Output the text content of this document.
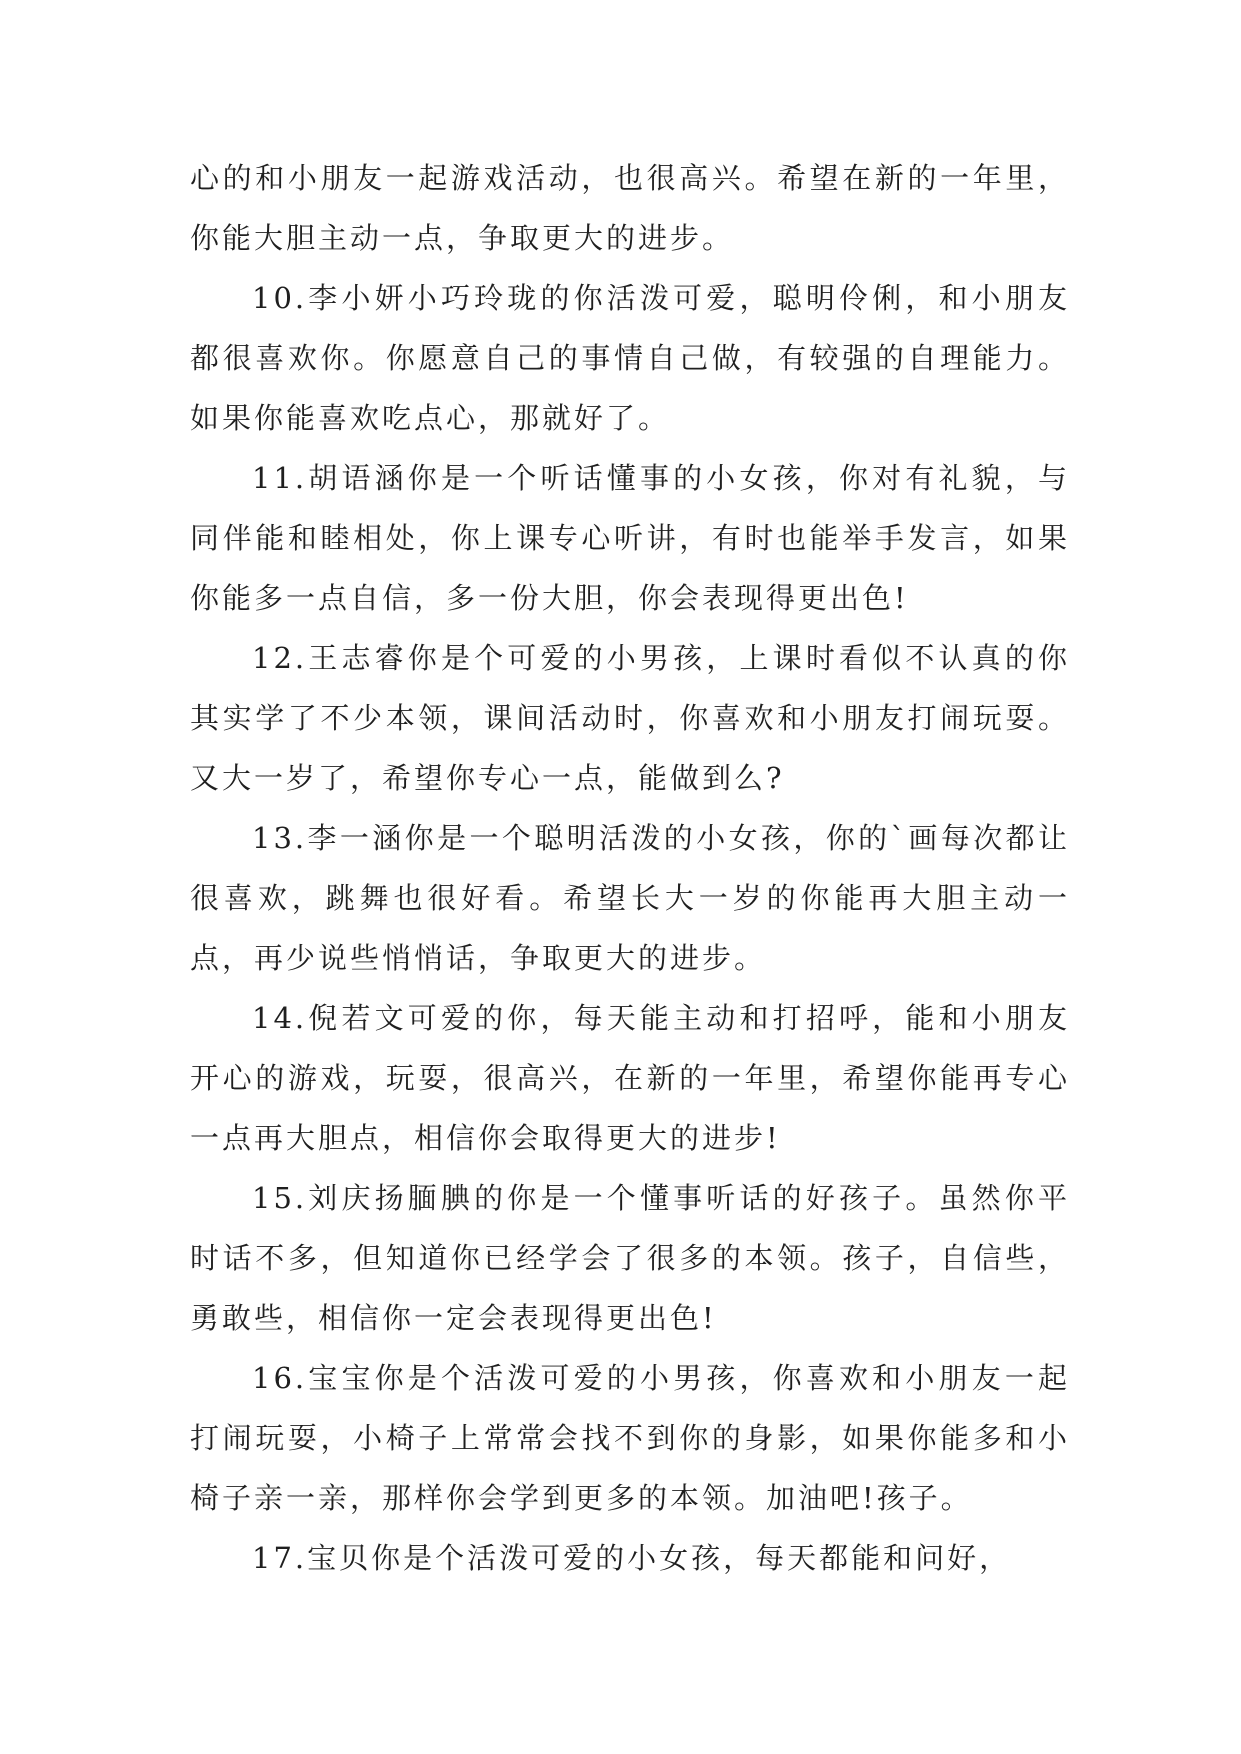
心的和小朋友一起游戏活动，也很高兴。希望在新的一年里，你能大胆主动一点，争取更大的进步。

10.李小妍小巧玲珑的你活泼可爱，聪明伶俐，和小朋友都很喜欢你。你愿意自己的事情自己做，有较强的自理能力。如果你能喜欢吃点心，那就好了。

11.胡语涵你是一个听话懂事的小女孩，你对有礼貌，与同伴能和睦相处，你上课专心听讲，有时也能举手发言，如果你能多一点自信，多一份大胆，你会表现得更出色!

12.王志睿你是个可爱的小男孩，上课时看似不认真的你其实学了不少本领，课间活动时，你喜欢和小朋友打闹玩耍。又大一岁了，希望你专心一点，能做到么?

13.李一涵你是一个聪明活泼的小女孩，你的`画每次都让很喜欢，跳舞也很好看。希望长大一岁的你能再大胆主动一点，再少说些悄悄话，争取更大的进步。

14.倪若文可爱的你，每天能主动和打招呼，能和小朋友开心的游戏，玩耍，很高兴，在新的一年里，希望你能再专心一点再大胆点，相信你会取得更大的进步!

15.刘庆扬腼腆的你是一个懂事听话的好孩子。虽然你平时话不多，但知道你已经学会了很多的本领。孩子，自信些，勇敢些，相信你一定会表现得更出色!

16.宝宝你是个活泼可爱的小男孩，你喜欢和小朋友一起打闹玩耍，小椅子上常常会找不到你的身影，如果你能多和小椅子亲一亲，那样你会学到更多的本领。加油吧!孩子。

17.宝贝你是个活泼可爱的小女孩，每天都能和问好，
